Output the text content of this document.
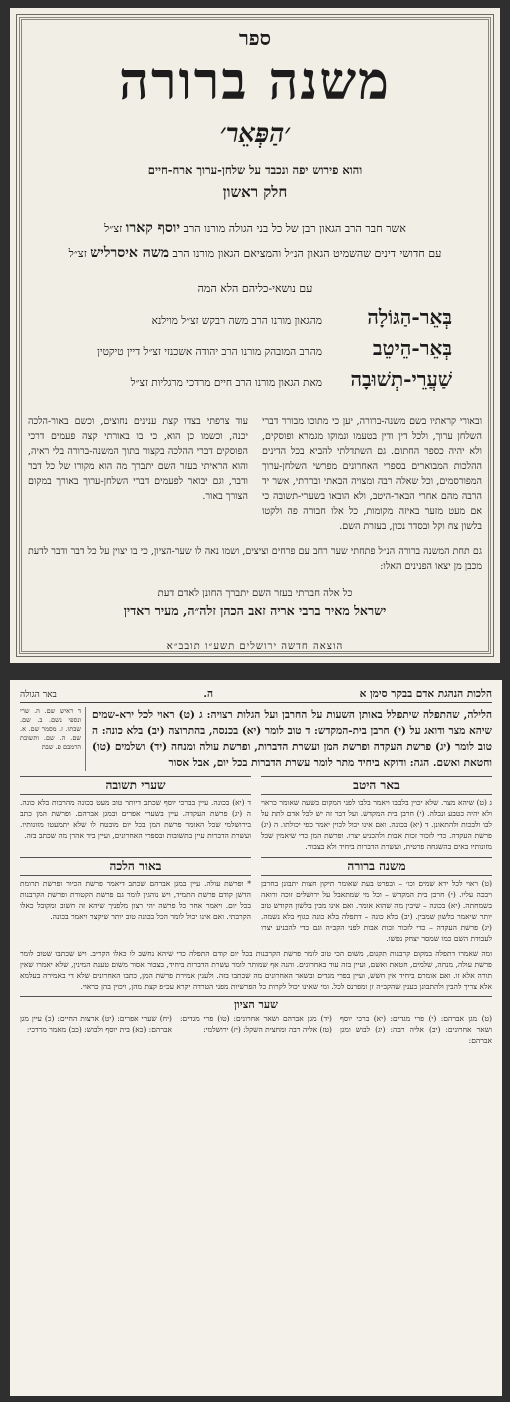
ספר
משנה ברורה
׳הַפְּאֵר׳
והוא פירוש יפה ונכבד על שלחן-ערוך ארח-חיים
חלק ראשון
אשר חבר הרב הגאון רבן של כל בני הגולה מורנו הרב יוסף קארו זצ״ל
עם חדושי דינים שהשמיט הגאון הנ״ל והמציאם הגאון מורנו הרב משה איסרליש זצ״ל
עם נושאי-כליהם הלא המה
בְּאֵר-הַגּוֹלָה
מהגאון מורנו הרב משה רבקש זצ״ל מוילנא
בְּאֵר-הֵיטֵב
מהרב המובהק מורנו הרב יהודה אשכנזי זצ״ל דיין טיקטין
שַׁעֲרֵי-תְשׁוּבָה
מאת הגאון מורנו הרב חיים מרדכי מרגליות זצ״ל
ובאורי קראתיו בשם משנה-ברורה, יען כי מתוכו מבורר דברי השלחן ערוך, ולכל דין ודין בטעמו ונמוקו מגמרא ופוסקים, ולא יהיה כספר החתום. גם השתדלתי להביא בכל הדינים ההלכות המבוארים בספרי האחרונים מפרשי השלחן-ערוך המפורסמים, וכל שאלה רבה ומצויה הבאתי ובררתי, אשר יד הרבה מהם אחרי הבאר-היטב, ולא הובאו בשערי-תשובה כי אם מעט מזער באיזה מקומות, כל אלו חבורה פה ולקטו בלשון צח וקל ובסדר נכון, בעזרת השם.
עוד צרפתי בצדו קצת ענינים נחוצים, וכשם באור-הלכה יכנה, וכשמו כן הוא, כי בו באורתי קצה פעמים דרכי הפוסקים דברי ההלכה בקצור בתוך המשנה-ברורה בלי ראיה, והוא הראיתי בעזר השם יתברך מה הוא מקורו של כל דבר ודבר, וגם יבואר לפעמים דברי השלחן-ערוך באורך במקום הצורך באור.
גם תחת המשנה ברורה הנ״ל פתחתי שער רחב עם פרחים וציצים, ושמו נאה לו שער-הציון, כי בו יצוין על כל דבר ודבר לדעת מכבן מן יצאו הפנינים האלו:
כל אלה חברתי בעזר השם יתברך החונן לאדם דעת
ישראל מאיר ברבי אריה זאב הכהן זלה״ה, מעיר ראדין
הוצאה חדשה ירושלים תשע״ו תובב״א
הלכות הנהגת אדם בבקר סימן א
ה.
באר הגולה
הלילה, שהתפלה שיתפלל באותן השעות על החרבן ועל הגלות רצויה: ג (ט) ראוי לכל ירא-שמים שיהא מצר ודואג על (י) חרבן בית-המקדש: ד טוב לומר (יא) בכנסה, בהתרוצה (יב) בלא כונה: ה טוב לומר (יג) פרשת העקדה ופרשת המן ועשרת הדברות, ופרשת עולה ומנחה (יד) ושלמים (טו) וחטאת ואשם. הגה: ודוקא ביחיד מתר לומר עשרת הדברות בכל יום, אבל אסור
ד ראיש שם. ה. שרי ונספי נשם. ב. שם. שבתו. ז. מסמר שם. א. שם. ה. שם. ותשובת הרמבם פ. שבת
באר היטב
ג (ט) שיהא מצר. שלא יכוין בלבבו ויאמר בלבו לפני המקום בשעה שאומר כראוי ולא יהיה כטבע ונבלה. (י) חרבן בית המקדש. ועל דבר זה יש לכל אדם לתת על לבו ולבכות ולהתאונן. ד (יא) בכונה. ואם אינו יכול לכוין יאמר כפי יכולתו. ה (יג) פרשת העקדה. כדי לזכור זכות אבות ולהכניע יצרו. ופרשת המן כדי שיאמין שכל מזונותיו באים בהשגחה פרטית, ועשרת הדברות ביחיד ולא בצבור.
שערי תשובה
ד (יא) בכונה. עיין בברכי יוסף שכתב דיותר טוב מעט בכונה מהרבות בלא כונה. ה (יג) פרשת העקדה. עיין בשערי אפרים ובמגן אברהם. ופרשת המן כתב בירושלמי שכל האומר פרשת המן בכל יום מובטח לו שלא יתמעטו מזונותיו. ועשרת הדברות עיין בתשובות ובספרי האחרונים, ועיין ביד אהרן מה שכתב בזה.
משנה ברורה
(ט) ראוי לכל ירא שמים וכו׳ – ובפרט בעת שאומר תיקון חצות יתבונן בחרבן ויבכה עליו. (י) חרבן בית המקדש – וכל מי שמתאבל על ירושלים זוכה ורואה בשמחתה. (יא) בכונה – שיבין מה שהוא אומר. ואם אינו מבין בלשון הקודש טוב יותר שיאמר בלשון שמבין. (יב) בלא כונה – דתפלה בלא כונה כגוף בלא נשמה. (יג) פרשת העקדה – כדי לזכור זכות אבות לפני הקב״ה וגם כדי להכניע יצרו לעבודת השם כמו שמסר יצחק נפשו.
באור הלכה
* ופרשת עולה. עיין במגן אברהם שכתב דיאמר פרשת הכיור ופרשת תרומת הדשן קודם פרשת התמיד, ויש נוהגין לומר גם פרשת הקטורת ופרשת הקרבנות בכל יום. ויאמר אחר כל פרשה יהי רצון מלפניך שיהא זה חשוב ומקובל כאלו הקרבתי. ואם אינו יכול לומר הכל בכונה טוב יותר שיקצר ויאמר בכונה.
ומה שאמרו דתפלה במקום קרבנות תקנום, משום הכי טוב לומר פרשת הקרבנות בכל יום קודם התפלה כדי שיהא נחשב לו כאלו הקריב. ויש שכתבו שטוב לומר פרשת עולה, מנחה, שלמים, חטאת ואשם, ועיין בזה עוד באחרונים. והנה אף שמותר לומר עשרת הדברות ביחיד, בצבור אסור משום טענת המינין, שלא יאמרו שאין תורה אלא זו. ואם אומרם ביחיד אין חשש, ועיין בפרי מגדים ובשאר האחרונים מה שכתבו בזה. ולענין אמירת פרשת המן, כתבו האחרונים שלא די באמירה בעלמא אלא צריך להבין ולהתבונן בענין שהקב״ה זן ומפרנס לכל. ומי שאינו יכול לקרות כל הפרשיות מפני הטרדה יקרא עכ״פ קצת מהן, ויכוין בהן כראוי.
שער הציון
(ט) מגן אברהם: (י) פרי מגדים: (יא) ברכי יוסף ושאר אחרונים: (יב) אליה רבה: (יג) לבוש ומגן אברהם:
(יד) מגן אברהם ושאר אחרונים: (טו) פרי מגדים: (טז) אליה רבה ומחצית השקל: (יז) ירושלמי:
(יח) שערי אפרים: (יט) ארצות החיים: (כ) עיין מגן אברהם: (כא) בית יוסף ולבוש: (כב) מאמר מרדכי:
